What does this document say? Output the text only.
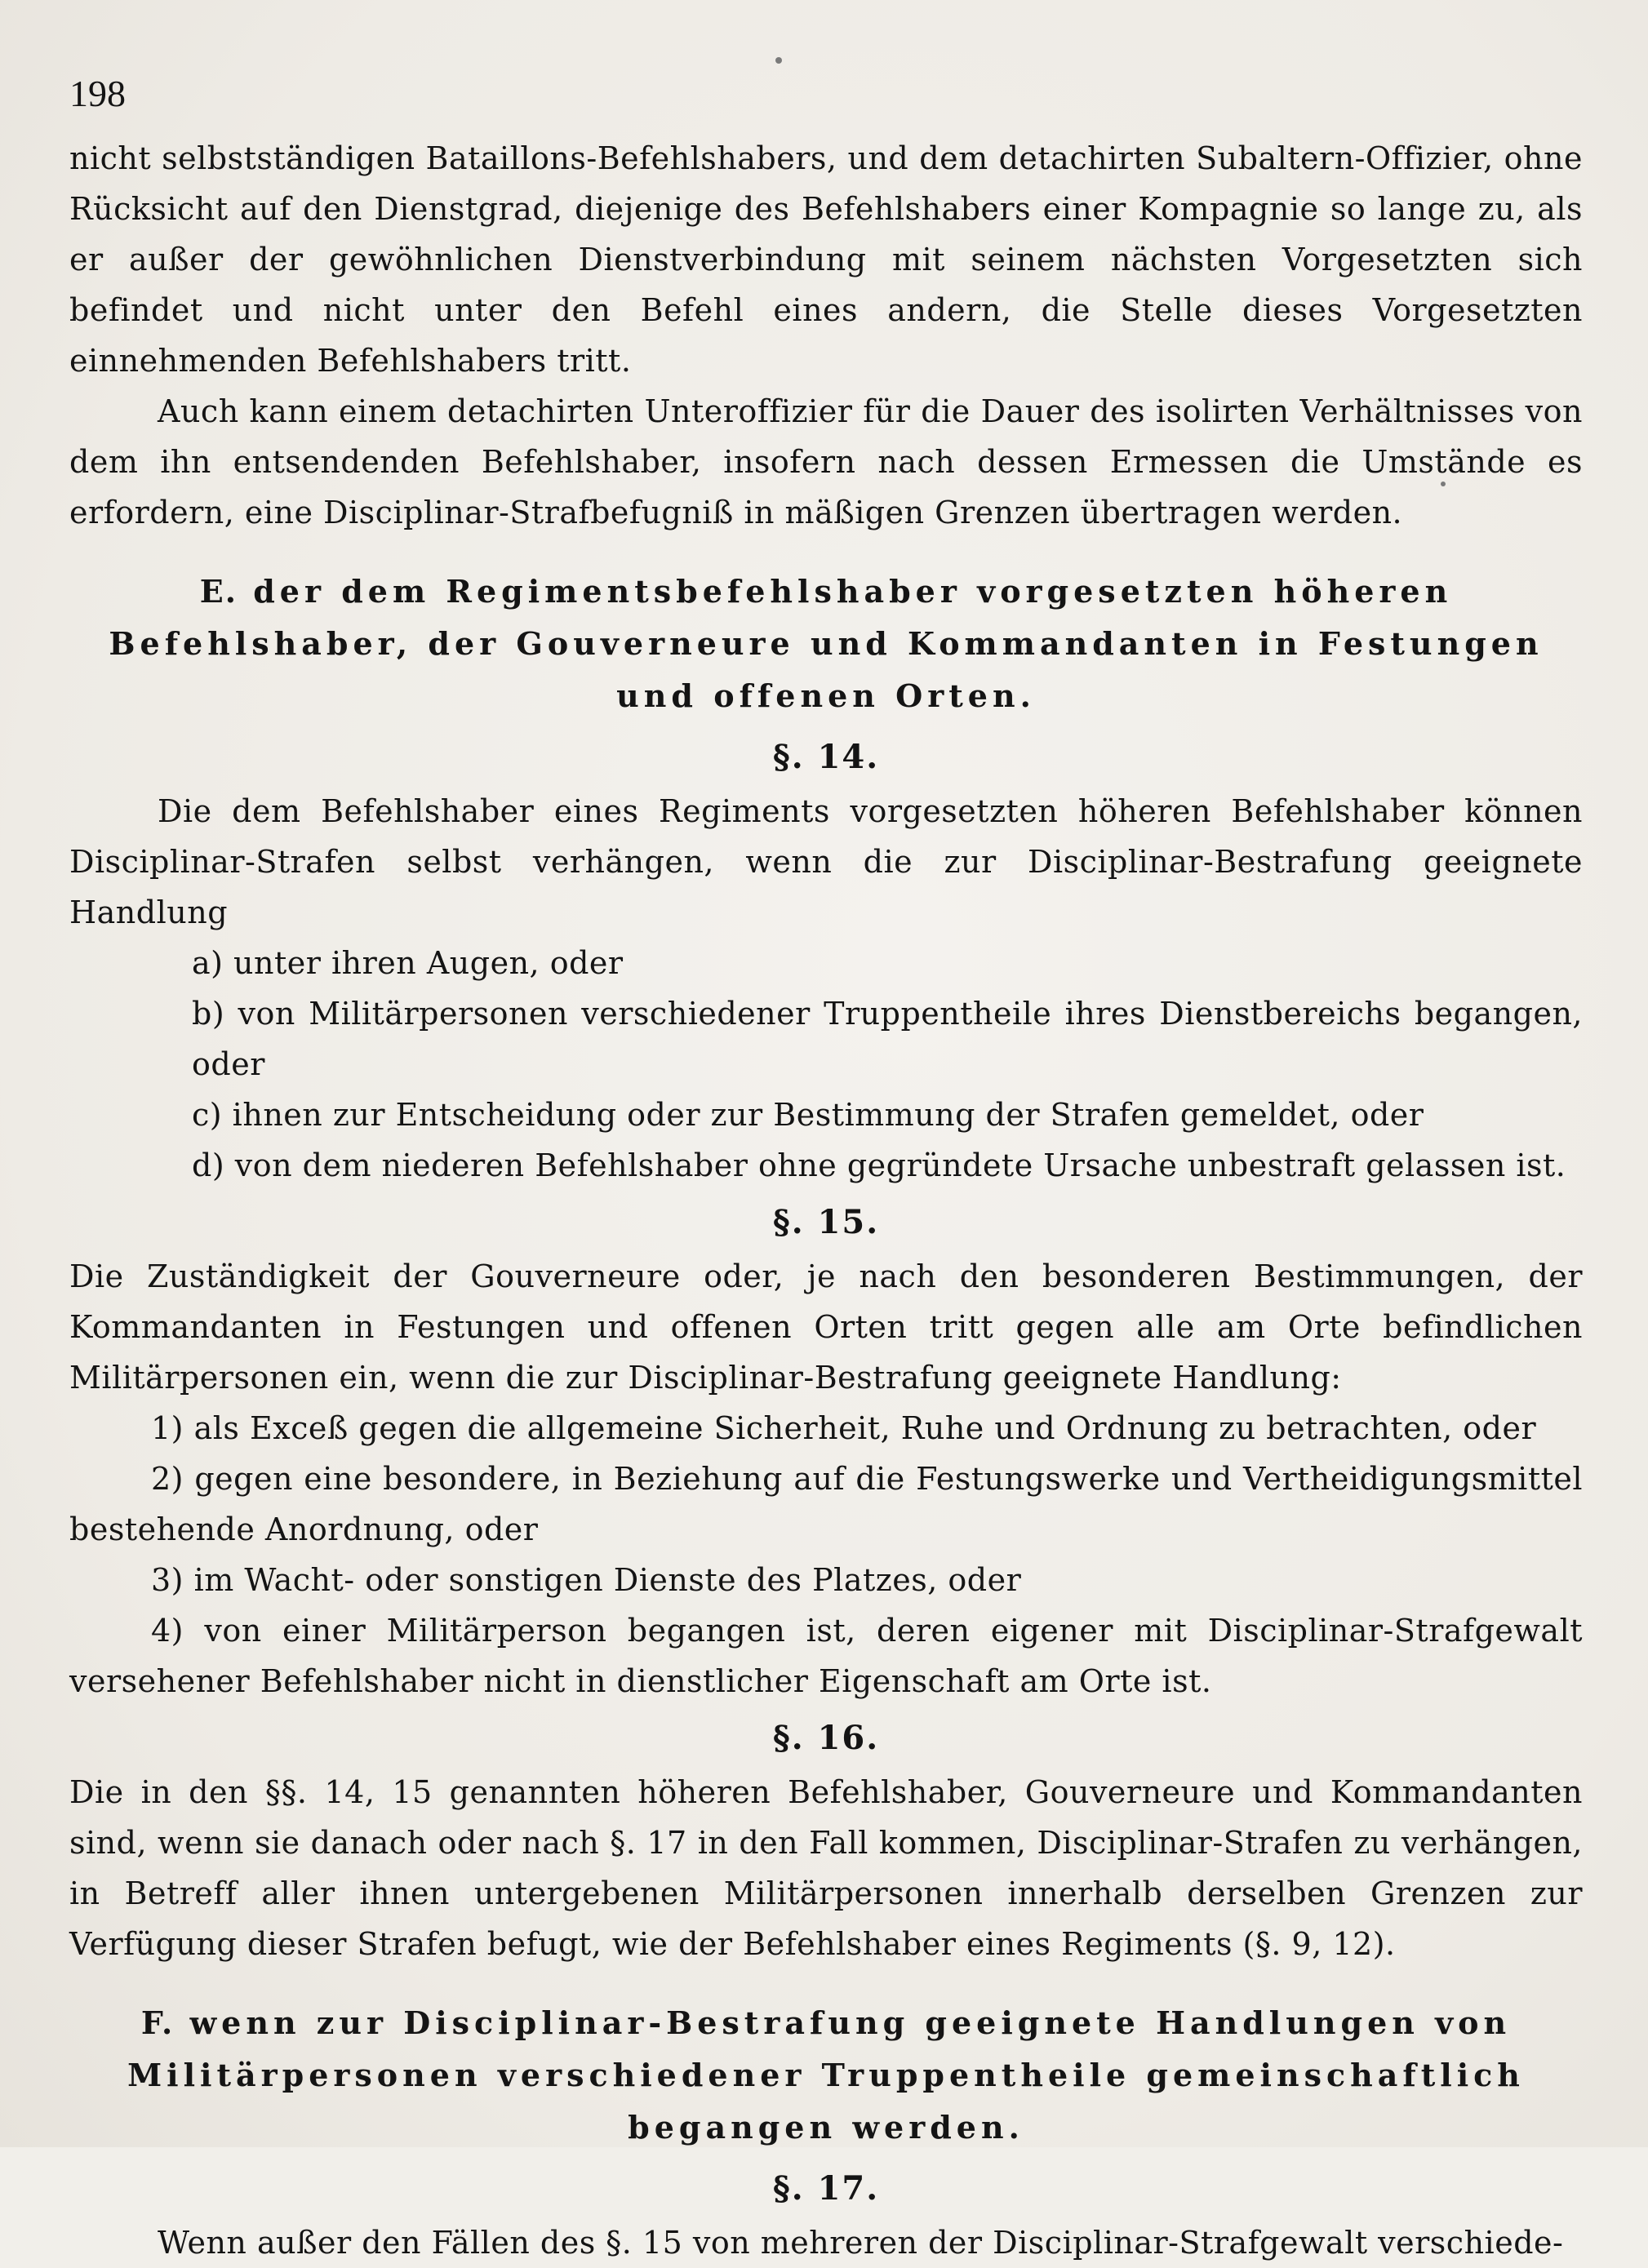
198

nicht selbstständigen Bataillons-Befehlshabers, und dem detachirten Subaltern-Offizier, ohne Rücksicht auf den Dienstgrad, diejenige des Befehlshabers einer Kompagnie so lange zu, als er außer der gewöhnlichen Dienstverbindung mit seinem nächsten Vorgesetzten sich befindet und nicht unter den Befehl eines andern, die Stelle dieses Vorgesetzten einnehmenden Befehlshabers tritt.

Auch kann einem detachirten Unteroffizier für die Dauer des isolirten Verhältnisses von dem ihn entsendenden Befehlshaber, insofern nach dessen Ermessen die Umstände es erfordern, eine Disciplinar-Strafbefugniß in mäßigen Grenzen übertragen werden.

E. der dem Regimentsbefehlshaber vorgesetzten höheren Befehlshaber, der Gouverneure und Kommandanten in Festungen und offenen Orten.
§. 14.

Die dem Befehlshaber eines Regiments vorgesetzten höheren Befehlshaber können Disciplinar-Strafen selbst verhängen, wenn die zur Disciplinar-Bestrafung geeignete Handlung

a) unter ihren Augen, oder

b) von Militärpersonen verschiedener Truppentheile ihres Dienstbereichs begangen, oder

c) ihnen zur Entscheidung oder zur Bestimmung der Strafen gemeldet, oder

d) von dem niederen Befehlshaber ohne gegründete Ursache unbestraft gelassen ist.

§. 15.

Die Zuständigkeit der Gouverneure oder, je nach den besonderen Bestimmungen, der Kommandanten in Festungen und offenen Orten tritt gegen alle am Orte befindlichen Militärpersonen ein, wenn die zur Disciplinar-Bestrafung geeignete Handlung:

1) als Exceß gegen die allgemeine Sicherheit, Ruhe und Ordnung zu betrachten, oder

2) gegen eine besondere, in Beziehung auf die Festungswerke und Vertheidigungsmittel bestehende Anordnung, oder

3) im Wacht- oder sonstigen Dienste des Platzes, oder

4) von einer Militärperson begangen ist, deren eigener mit Disciplinar-Strafgewalt versehener Befehlshaber nicht in dienstlicher Eigenschaft am Orte ist.

§. 16.

Die in den §§. 14, 15 genannten höheren Befehlshaber, Gouverneure und Kommandanten sind, wenn sie danach oder nach §. 17 in den Fall kommen, Disciplinar-Strafen zu verhängen, in Betreff aller ihnen untergebenen Militärpersonen innerhalb derselben Grenzen zur Verfügung dieser Strafen befugt, wie der Befehlshaber eines Regiments (§. 9, 12).

F. wenn zur Disciplinar-Bestrafung geeignete Handlungen von Militärpersonen verschiedener Truppentheile gemeinschaftlich begangen werden.
§. 17.

Wenn außer den Fällen des §. 15 von mehreren der Disciplinar-Strafgewalt verschiede-
